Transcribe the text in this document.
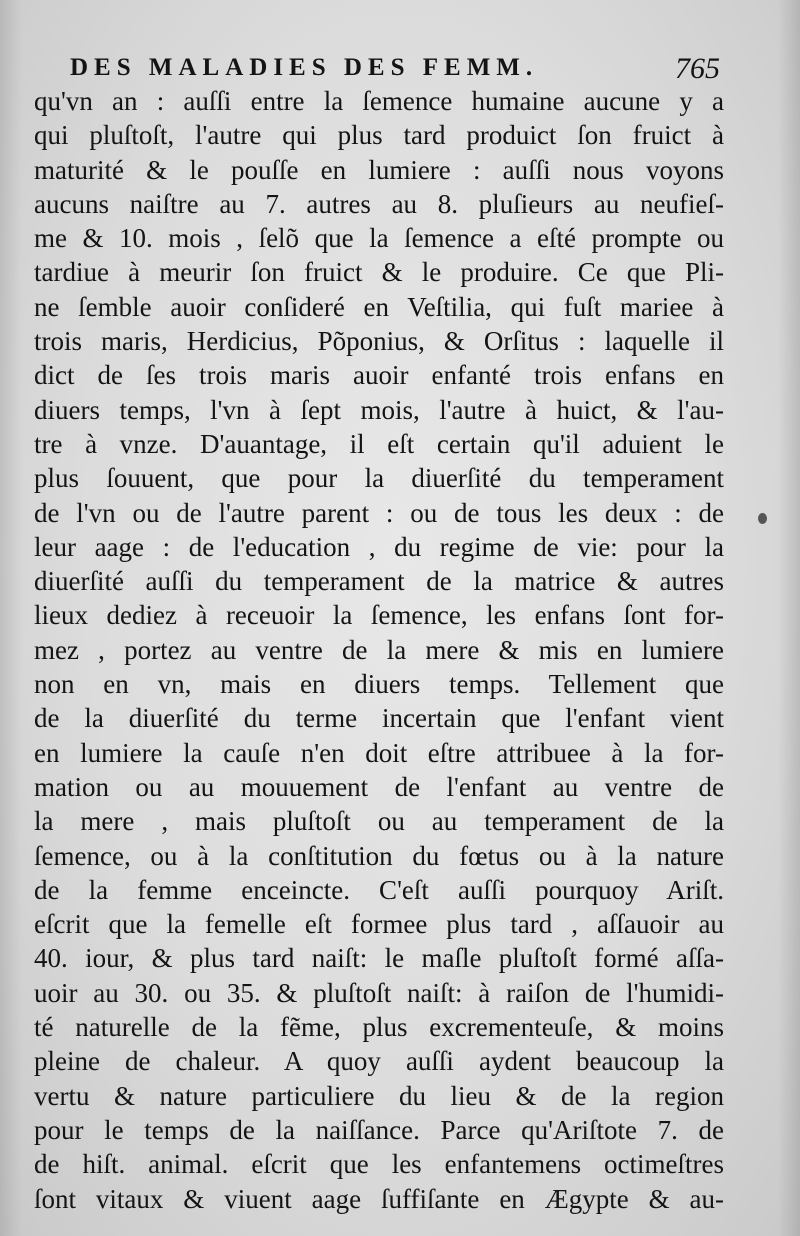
DES MALADIES DES FEMM.	765
qu'vn an : auſſi entre la ſemence humaine aucune y a
qui pluſtoſt, l'autre qui plus tard produict ſon fruict à
maturité & le pouſſe en lumiere : auſſi nous voyons
aucuns naiſtre au 7. autres au 8. pluſieurs au neufieſ-
me & 10. mois , ſelõ que la ſemence a eſté prompte ou
tardiue à meurir ſon fruict & le produire. Ce que Pli-
ne ſemble auoir conſideré en Veſtilia, qui fuſt mariee à
trois maris, Herdicius, Põponius, & Orſitus : laquelle il
dict de ſes trois maris auoir enfanté trois enfans en
diuers temps, l'vn à ſept mois, l'autre à huict, & l'au-
tre à vnze. D'auantage, il eſt certain qu'il aduient le
plus ſouuent, que pour la diuerſité du temperament
de l'vn ou de l'autre parent : ou de tous les deux : de
leur aage : de l'education , du regime de vie: pour la
diuerſité auſſi du temperament de la matrice & autres
lieux dediez à receuoir la ſemence, les enfans ſont for-
mez , portez au ventre de la mere & mis en lumiere
non en vn, mais en diuers temps. Tellement que
de la diuerſité du terme incertain que l'enfant vient
en lumiere la cauſe n'en doit eſtre attribuee à la for-
mation ou au mouuement de l'enfant au ventre de
la mere , mais pluſtoſt ou au temperament de la
ſemence, ou à la conſtitution du fœtus ou à la nature
de la femme enceincte. C'eſt auſſi pourquoy Ariſt.
eſcrit que la femelle eſt formee plus tard , aſſauoir au
40. iour, & plus tard naiſt: le maſle pluſtoſt formé aſſa-
uoir au 30. ou 35. & pluſtoſt naiſt: à raiſon de l'humidi-
té naturelle de la fẽme, plus excrementeuſe, & moins
pleine de chaleur. A quoy auſſi aydent beaucoup la
vertu & nature particuliere du lieu & de la region
pour le temps de la naiſſance. Parce qu'Ariſtote 7. de
de hiſt. animal. eſcrit que les enfantemens octimeſtres
ſont vitaux & viuent aage ſuffiſante en Ægypte & au-
